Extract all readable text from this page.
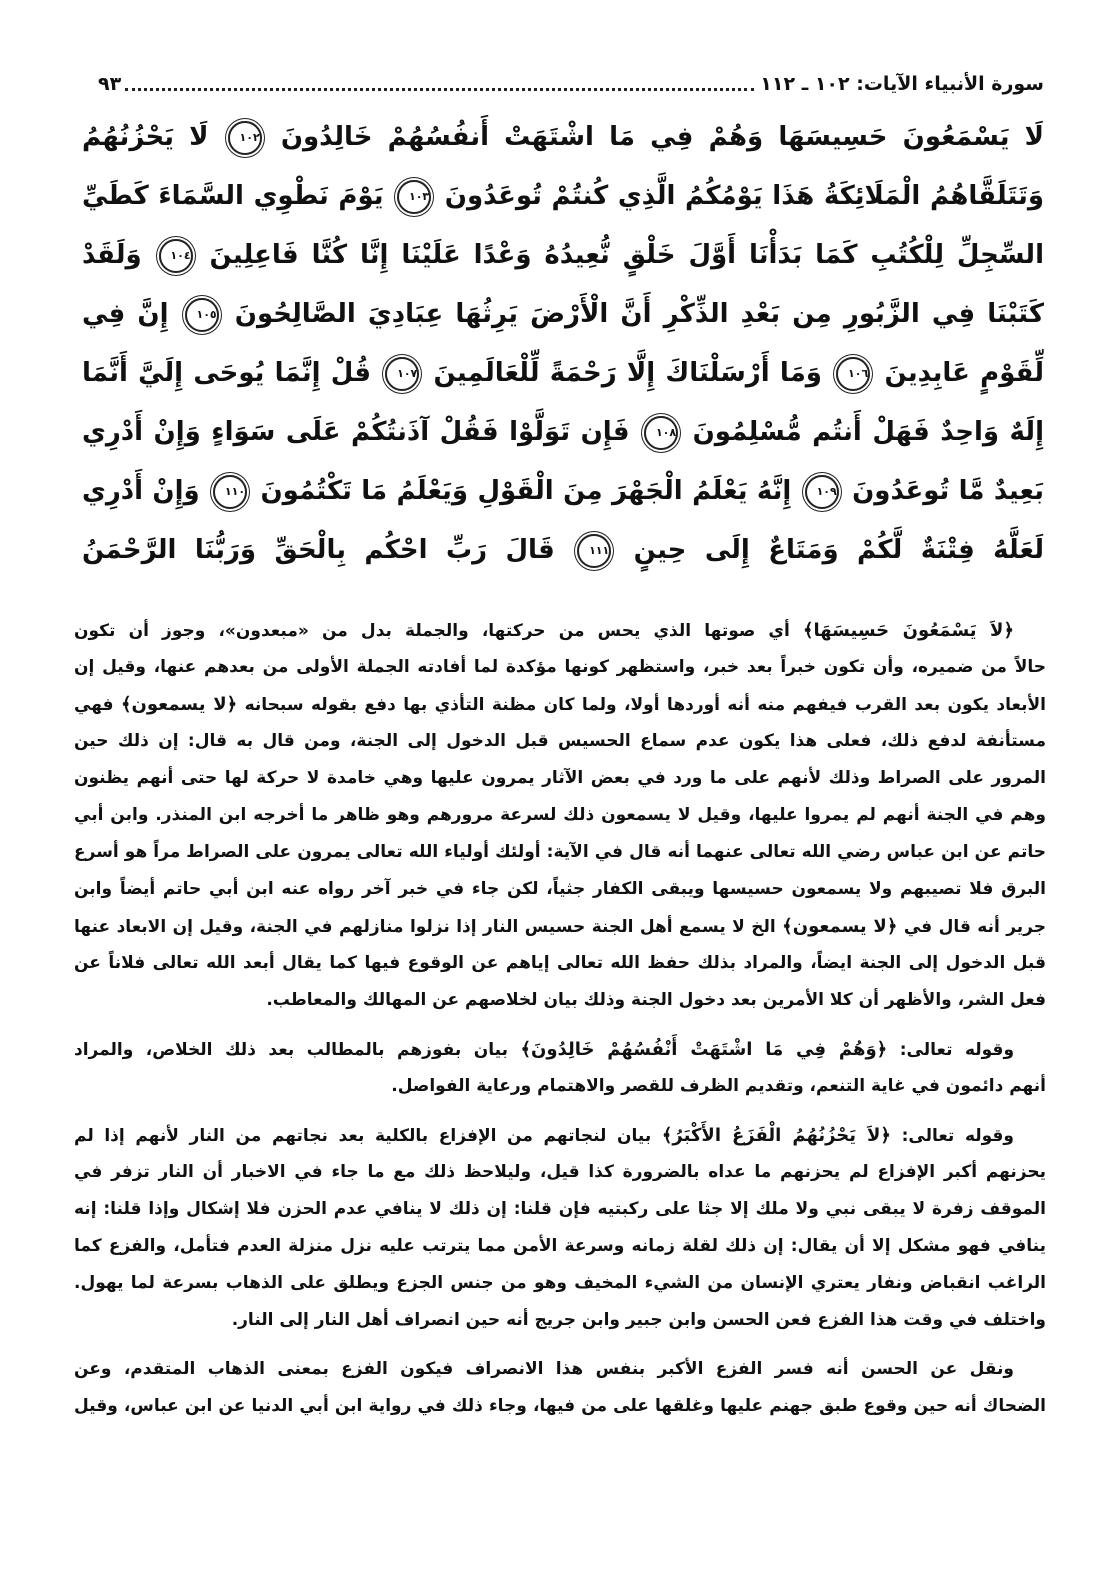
سورة الأنبياء الآيات: ١٠٢ ـ ١١٢
٩٣
لَا يَسْمَعُونَ حَسِيسَهَا وَهُمْ فِي مَا اشْتَهَتْ أَنفُسُهُمْ خَالِدُونَ ١٠٢ لَا يَحْزُنُهُمُ
وَتَتَلَقَّاهُمُ الْمَلَائِكَةُ هَذَا يَوْمُكُمُ الَّذِي كُنتُمْ تُوعَدُونَ ١٠٣ يَوْمَ نَطْوِي السَّمَاءَ كَطَيِّ
السِّجِلِّ لِلْكُتُبِ كَمَا بَدَأْنَا أَوَّلَ خَلْقٍ نُّعِيدُهُ وَعْدًا عَلَيْنَا إِنَّا كُنَّا فَاعِلِينَ ١٠٤ وَلَقَدْ
كَتَبْنَا فِي الزَّبُورِ مِن بَعْدِ الذِّكْرِ أَنَّ الْأَرْضَ يَرِثُهَا عِبَادِيَ الصَّالِحُونَ ١٠٥ إِنَّ فِي
لِّقَوْمٍ عَابِدِينَ ١٠٦ وَمَا أَرْسَلْنَاكَ إِلَّا رَحْمَةً لِّلْعَالَمِينَ ١٠٧ قُلْ إِنَّمَا يُوحَى إِلَيَّ أَنَّمَا
إِلَهٌ وَاحِدٌ فَهَلْ أَنتُم مُّسْلِمُونَ ١٠٨ فَإِن تَوَلَّوْا فَقُلْ آذَنتُكُمْ عَلَى سَوَاءٍ وَإِنْ أَدْرِي
بَعِيدٌ مَّا تُوعَدُونَ ١٠٩ إِنَّهُ يَعْلَمُ الْجَهْرَ مِنَ الْقَوْلِ وَيَعْلَمُ مَا تَكْتُمُونَ ١١٠ وَإِنْ أَدْرِي
لَعَلَّهُ فِتْنَةٌ لَّكُمْ وَمَتَاعٌ إِلَى حِينٍ ١١١ قَالَ رَبِّ احْكُم بِالْحَقِّ وَرَبُّنَا الرَّحْمَنُ
﴿لاَ يَسْمَعُونَ حَسِيسَهَا﴾ أي صوتها الذي يحس من حركتها، والجملة بدل من «مبعدون»، وجوز أن تكون
حالاً من ضميره، وأن تكون خبراً بعد خبر، واستظهر كونها مؤكدة لما أفادته الجملة الأولى من بعدهم عنها، وقيل إن
الأبعاد يكون بعد القرب فيفهم منه أنه أوردها أولا، ولما كان مظنة التأذي بها دفع بقوله سبحانه ﴿لا يسمعون﴾ فهي
مستأنفة لدفع ذلك، فعلى هذا يكون عدم سماع الحسيس قبل الدخول إلى الجنة، ومن قال به قال: إن ذلك حين
المرور على الصراط وذلك لأنهم على ما ورد في بعض الآثار يمرون عليها وهي خامدة لا حركة لها حتى أنهم يظنون
وهم في الجنة أنهم لم يمروا عليها، وقيل لا يسمعون ذلك لسرعة مرورهم وهو ظاهر ما أخرجه ابن المنذر. وابن أبي
حاتم عن ابن عباس رضي الله تعالى عنهما أنه قال في الآية: أولئك أولياء الله تعالى يمرون على الصراط مراً هو أسرع
البرق فلا تصيبهم ولا يسمعون حسيسها ويبقى الكفار جثياً، لكن جاء في خبر آخر رواه عنه ابن أبي حاتم أيضاً وابن
جرير أنه قال في ﴿لا يسمعون﴾ الخ لا يسمع أهل الجنة حسيس النار إذا نزلوا منازلهم في الجنة، وقيل إن الابعاد عنها
قبل الدخول إلى الجنة ايضاً، والمراد بذلك حفظ الله تعالى إياهم عن الوقوع فيها كما يقال أبعد الله تعالى فلاناً عن
فعل الشر، والأظهر أن كلا الأمرين بعد دخول الجنة وذلك بيان لخلاصهم عن المهالك والمعاطب.
وقوله تعالى: ﴿وَهُمْ فِي مَا اشْتَهَتْ أَنْفُسُهُمْ خَالِدُونَ﴾ بيان بفوزهم بالمطالب بعد ذلك الخلاص، والمراد
أنهم دائمون في غاية التنعم، وتقديم الظرف للقصر والاهتمام ورعاية الفواصل.
وقوله تعالى: ﴿لاَ يَحْزُنُهُمُ الْفَزَعُ الأَكْبَرُ﴾ بيان لنجاتهم من الإفزاع بالكلية بعد نجاتهم من النار لأنهم إذا لم
يحزنهم أكبر الإفزاع لم يحزنهم ما عداه بالضرورة كذا قيل، وليلاحظ ذلك مع ما جاء في الاخبار أن النار تزفر في
الموقف زفرة لا يبقى نبي ولا ملك إلا جثا على ركبتيه فإن قلنا: إن ذلك لا ينافي عدم الحزن فلا إشكال وإذا قلنا: إنه
ينافي فهو مشكل إلا أن يقال: إن ذلك لقلة زمانه وسرعة الأمن مما يترتب عليه نزل منزلة العدم فتأمل، والفزع كما
الراغب انقباض ونفار يعتري الإنسان من الشيء المخيف وهو من جنس الجزع ويطلق على الذهاب بسرعة لما يهول.
واختلف في وقت هذا الفزع فعن الحسن وابن جبير وابن جريج أنه حين انصراف أهل النار إلى النار.
ونقل عن الحسن أنه فسر الفزع الأكبر بنفس هذا الانصراف فيكون الفزع بمعنى الذهاب المتقدم، وعن
الضحاك أنه حين وقوع طبق جهنم عليها وغلقها على من فيها، وجاء ذلك في رواية ابن أبي الدنيا عن ابن عباس، وقيل
